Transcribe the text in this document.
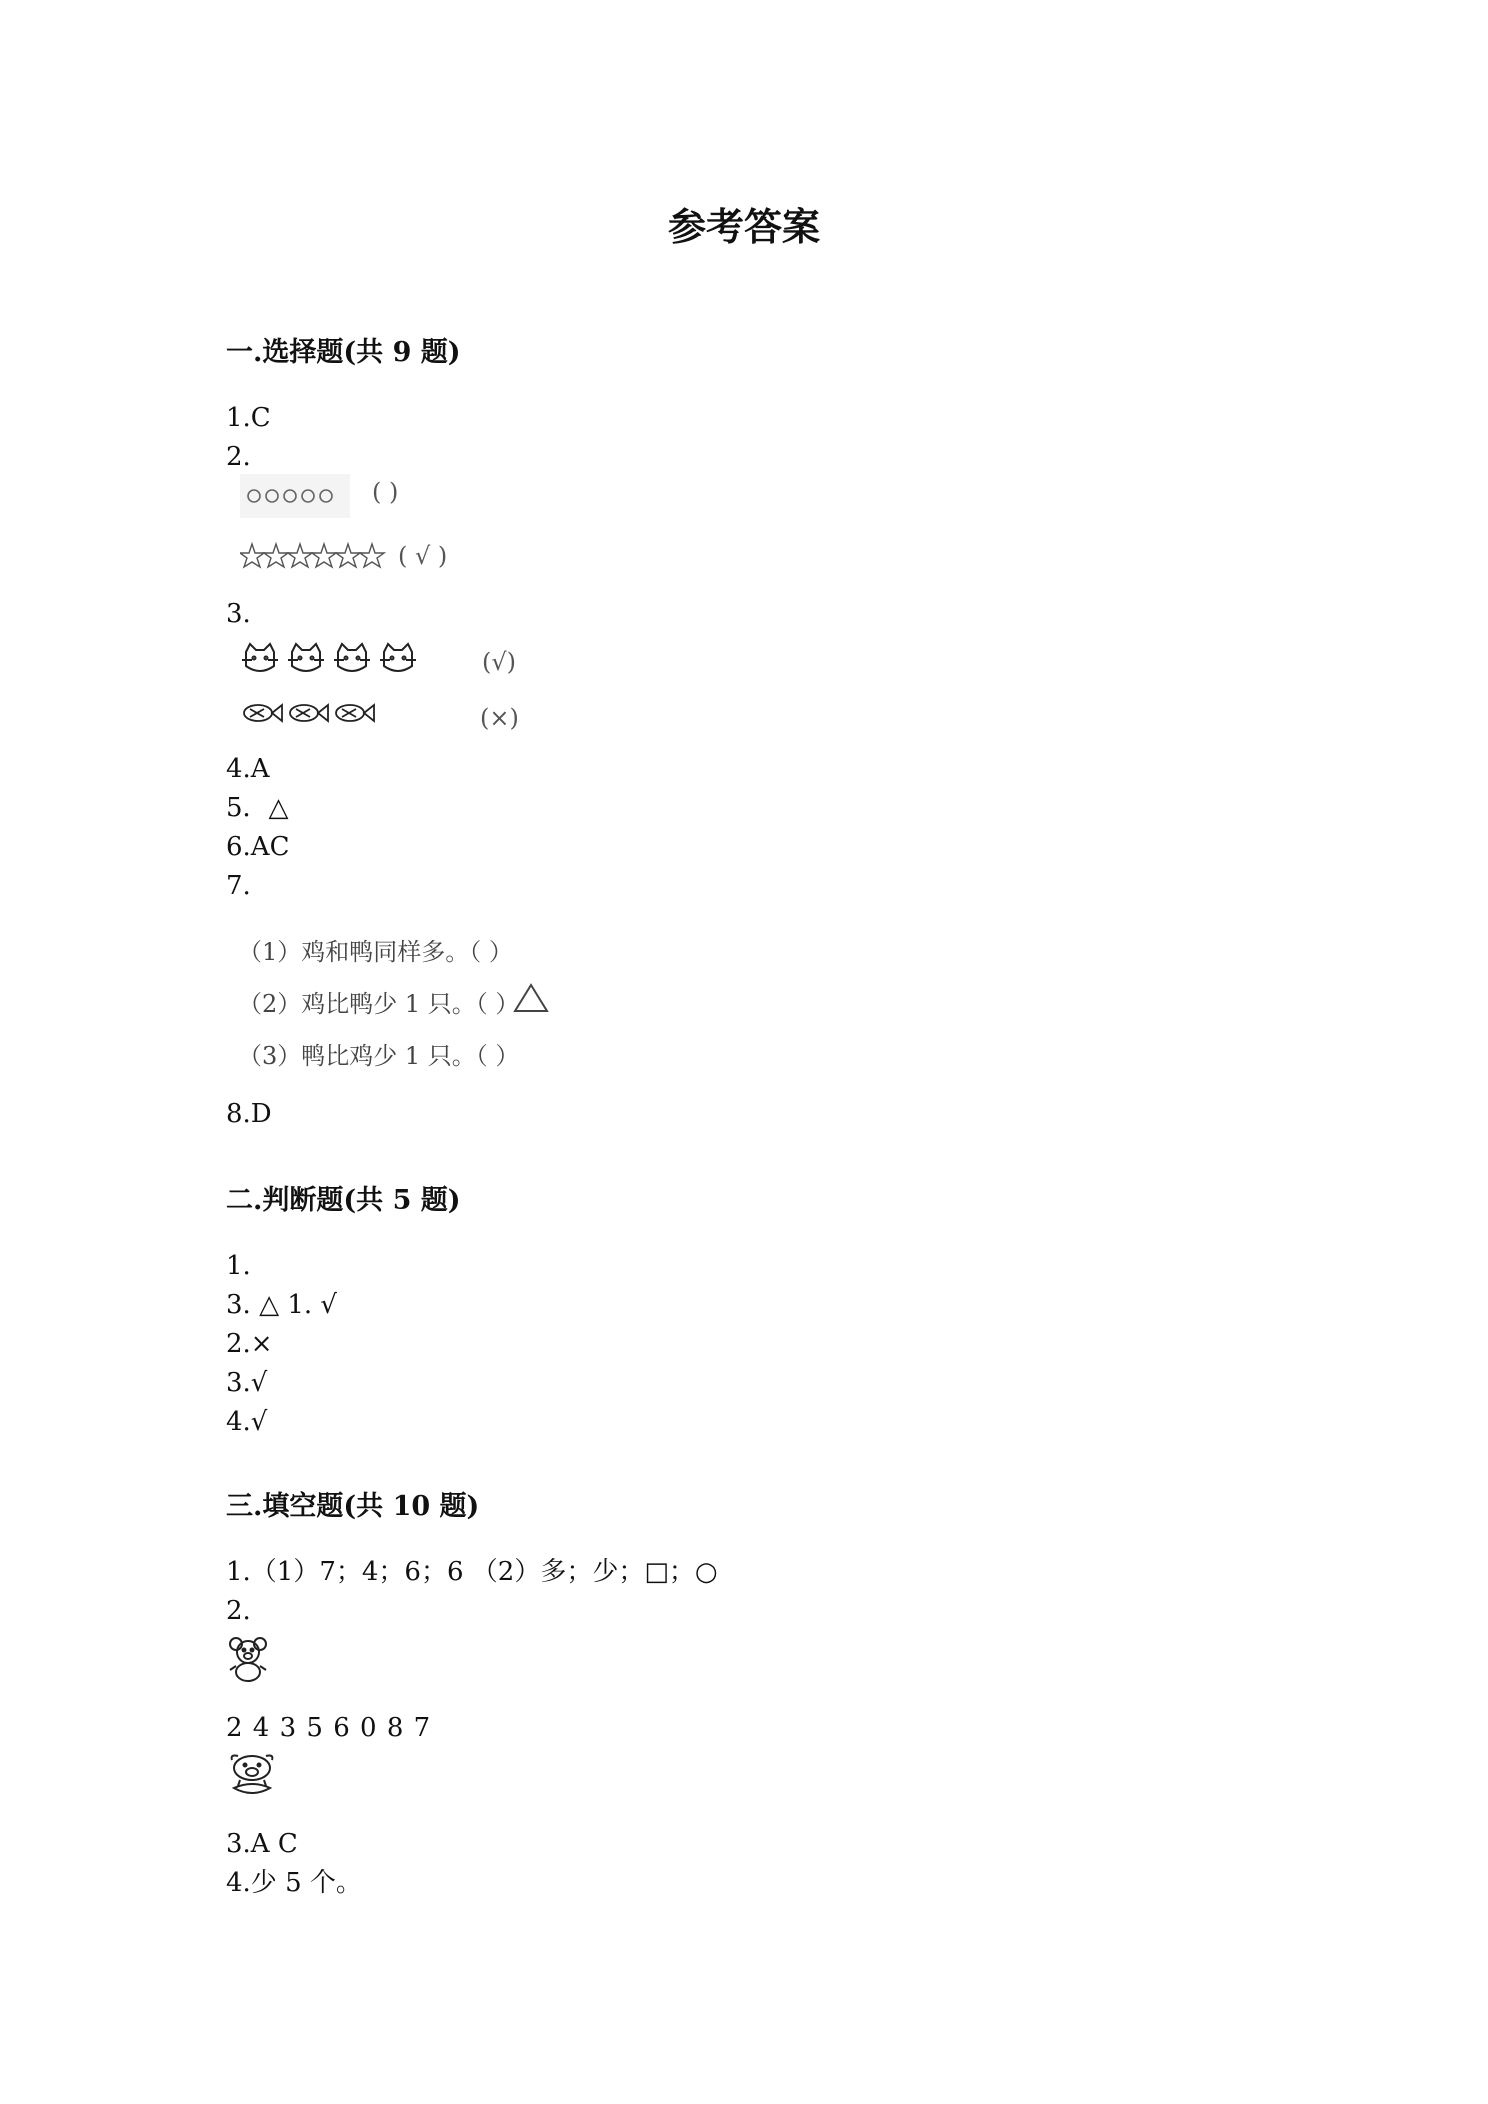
参考答案
一.选择题(共 9 题)
1.C
2.
( )
( √ )
3.
(√)
(×)
4.A
5．△
6.AC
7.
（1）鸡和鸭同样多。（ ）
（2）鸡比鸭少 1 只。（ ）
（3）鸭比鸡少 1 只。（ ）
8.D
二.判断题(共 5 题)
1.
3. △ 1. √
2.×
3.√
4.√
三.填空题(共 10 题)
1.（1）7；4；6；6 （2）多；少；□；○
2.
2 4 3 5 6 0 8 7
3.A C
4.少 5 个。
